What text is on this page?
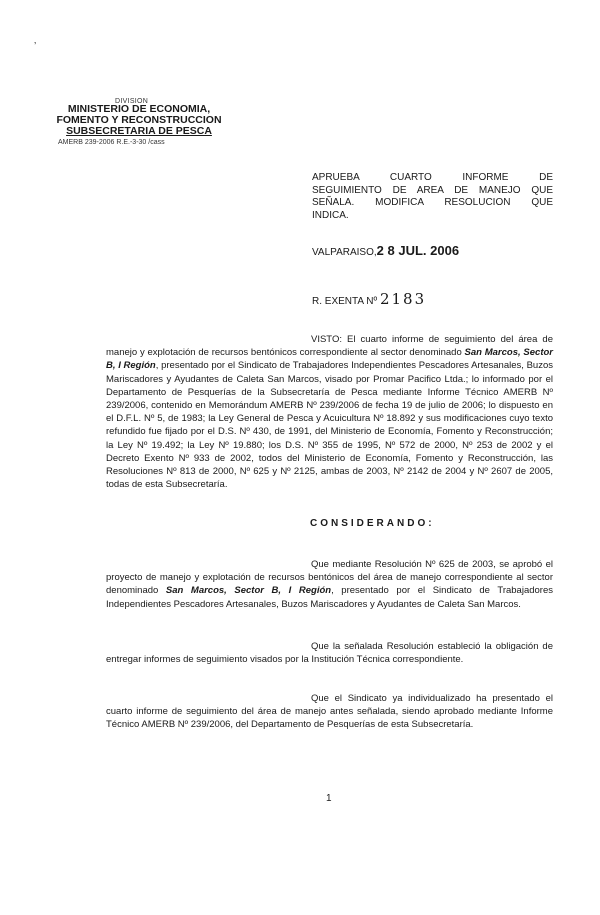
’
DIVISION
MINISTERIO DE ECONOMIA,
FOMENTO Y RECONSTRUCCION
SUBSECRETARIA DE PESCA
AMERB 239-2006 R.E.-3-30 /cass
APRUEBA CUARTO INFORME DE
SEGUIMIENTO DE AREA DE MANEJO QUE
SEÑALA. MODIFICA RESOLUCION QUE
INDICA.
VALPARAISO,2 8 JUL. 2006
R. EXENTA Nº 2183
VISTO: El cuarto informe de seguimiento del área de manejo y explotación de recursos bentónicos correspondiente al sector denominado San Marcos, Sector B, I Región, presentado por el Sindicato de Trabajadores Independientes Pescadores Artesanales, Buzos Mariscadores y Ayudantes de Caleta San Marcos, visado por Promar Pacifico Ltda.; lo informado por el Departamento de Pesquerías de la Subsecretaría de Pesca mediante Informe Técnico AMERB Nº 239/2006, contenido en Memorándum AMERB Nº 239/2006 de fecha 19 de julio de 2006; lo dispuesto en el D.F.L. Nº 5, de 1983; la Ley General de Pesca y Acuicultura Nº 18.892 y sus modificaciones cuyo texto refundido fue fijado por el D.S. Nº 430, de 1991, del Ministerio de Economía, Fomento y Reconstrucción; la Ley Nº 19.492; la Ley Nº 19.880; los D.S. Nº 355 de 1995, Nº 572 de 2000, Nº 253 de 2002 y el Decreto Exento Nº 933 de 2002, todos del Ministerio de Economía, Fomento y Reconstrucción, las Resoluciones Nº 813 de 2000, Nº 625 y Nº 2125, ambas de 2003, Nº 2142 de 2004 y Nº 2607 de 2005, todas de esta Subsecretaría.
CONSIDERANDO:
Que mediante Resolución Nº 625 de 2003, se aprobó el proyecto de manejo y explotación de recursos bentónicos del área de manejo correspondiente al sector denominado San Marcos, Sector B, I Región, presentado por el Sindicato de Trabajadores Independientes Pescadores Artesanales, Buzos Mariscadores y Ayudantes de Caleta San Marcos.
Que la señalada Resolución estableció la obligación de entregar informes de seguimiento visados por la Institución Técnica correspondiente.
Que el Sindicato ya individualizado ha presentado el cuarto informe de seguimiento del área de manejo antes señalada, siendo aprobado mediante Informe Técnico AMERB Nº 239/2006, del Departamento de Pesquerías de esta Subsecretaría.
1
